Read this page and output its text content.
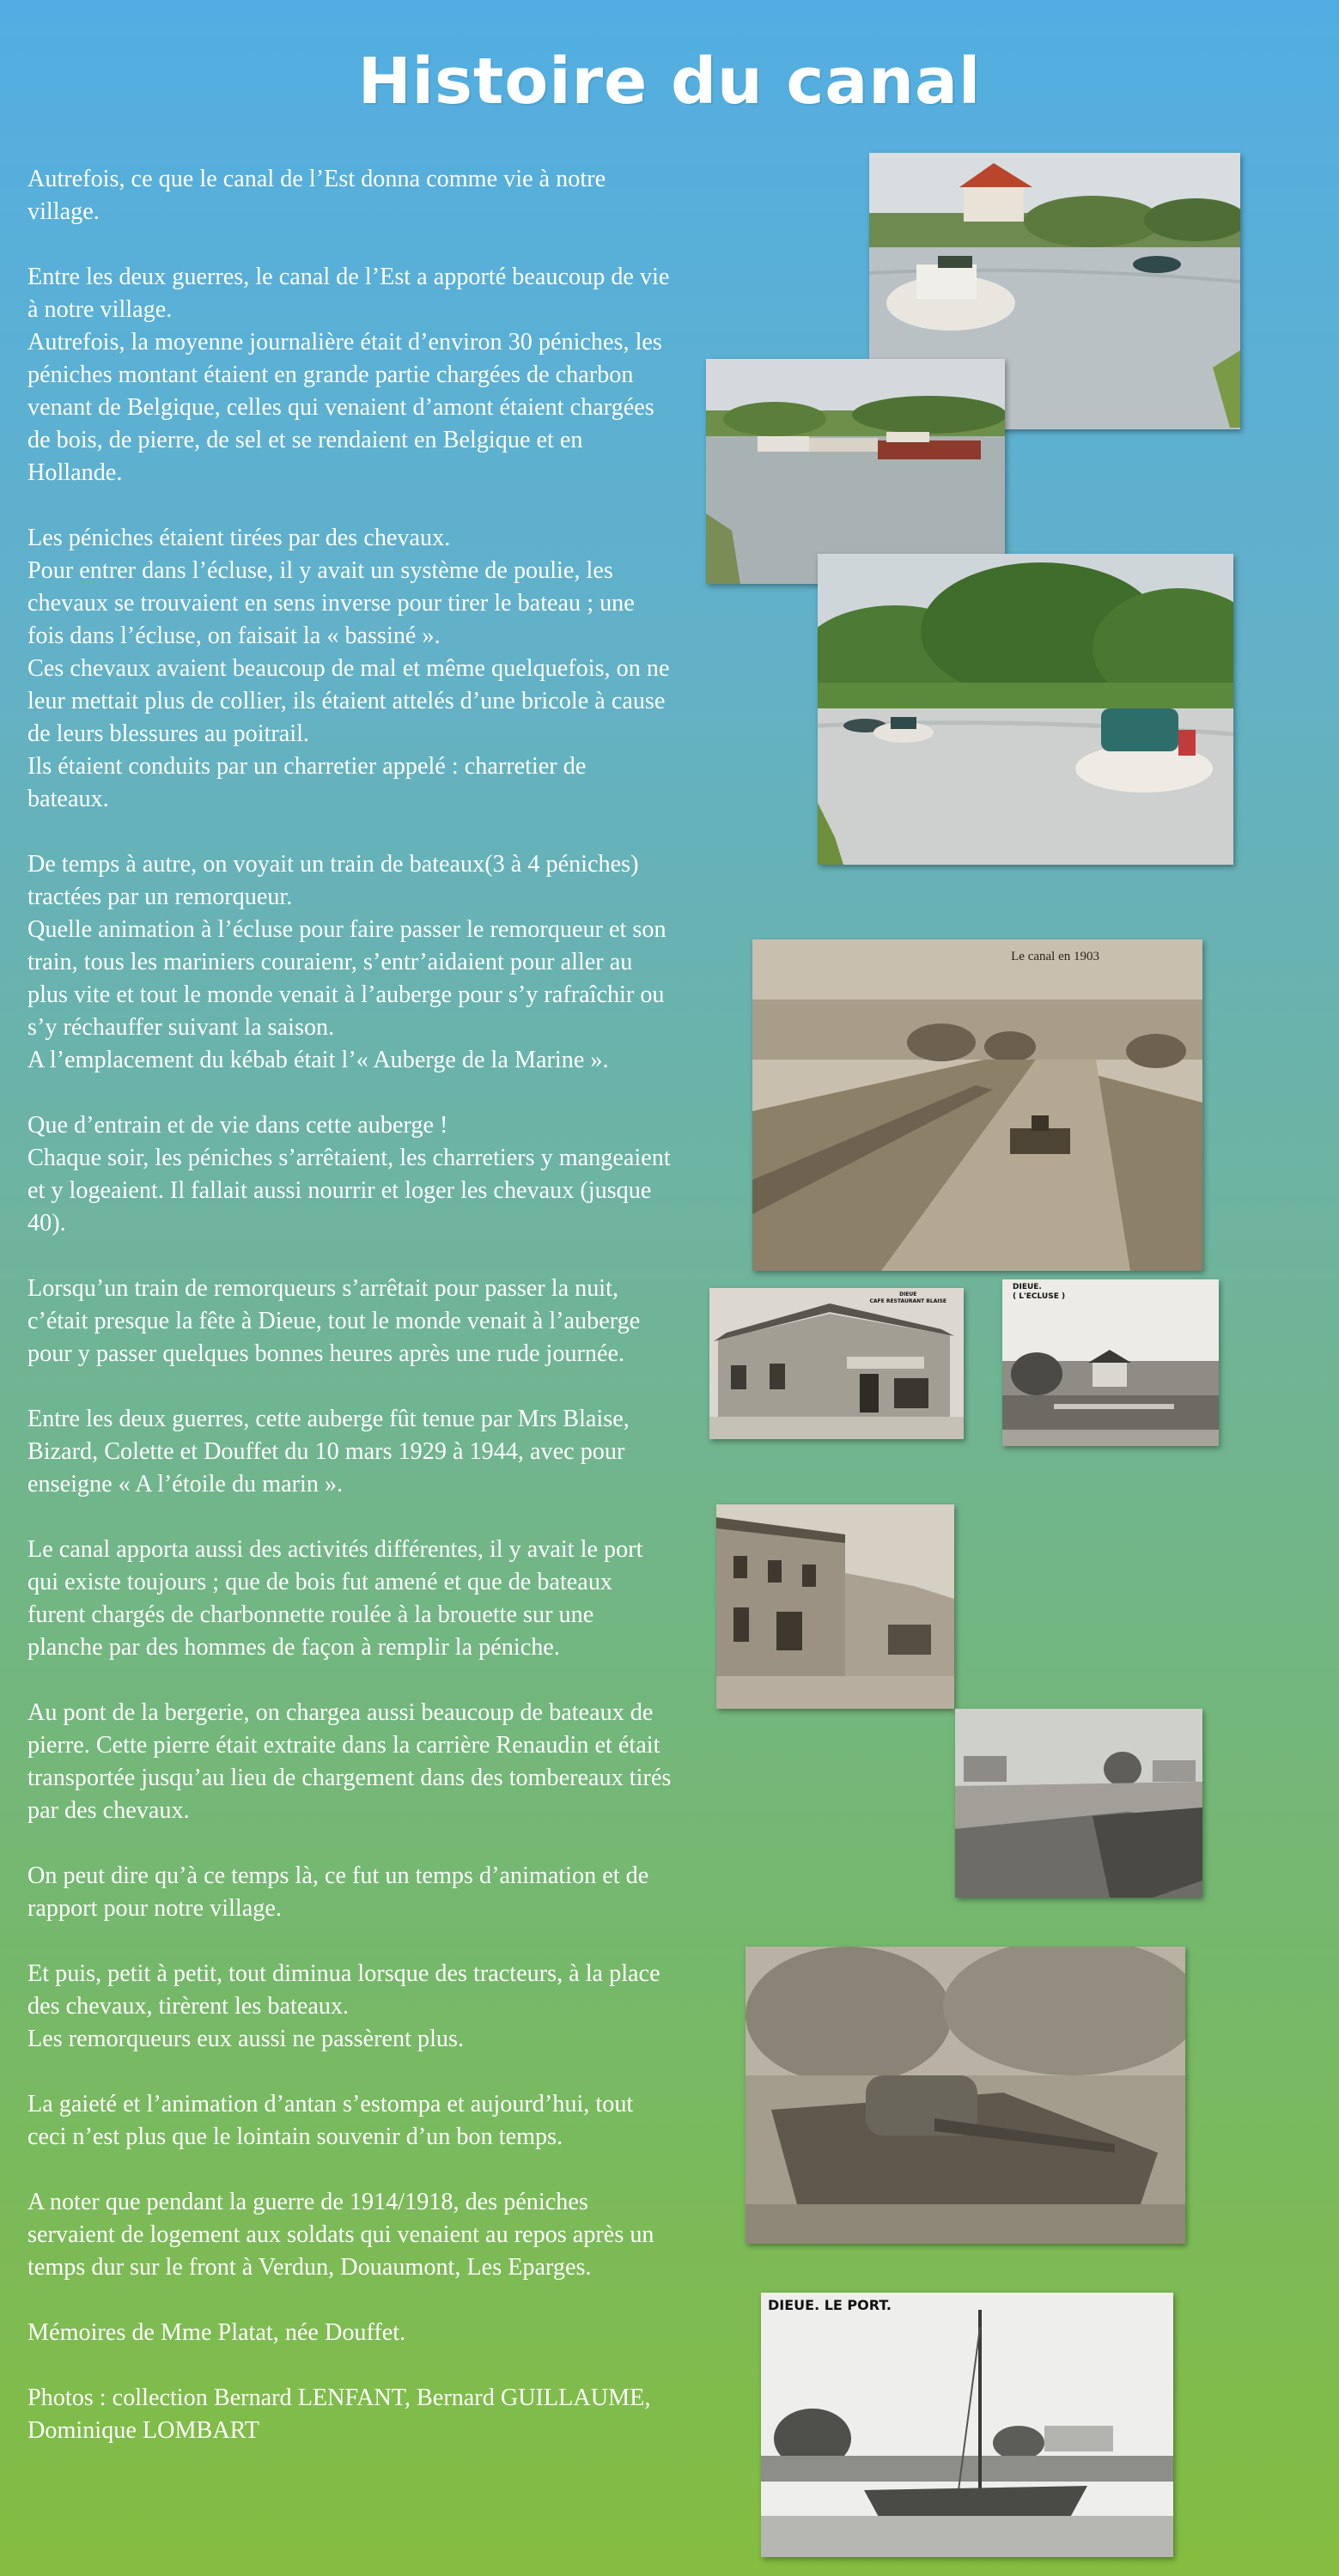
Histoire du canal

Autrefois, ce que le canal de l’Est donna comme vie à notre village.

Entre les deux guerres, le canal de l’Est a apporté beaucoup de vie à notre village.
Autrefois, la moyenne journalière était d’environ 30 péniches, les péniches montant étaient en grande partie chargées de charbon venant de Belgique, celles qui venaient d’amont étaient chargées de bois, de pierre, de sel et se rendaient en Belgique et en Hollande.

Les péniches étaient tirées par des chevaux.
Pour entrer dans l’écluse, il y avait un système de poulie, les chevaux se trouvaient en sens inverse pour tirer le bateau ; une fois dans l’écluse, on faisait la « bassiné ».
Ces chevaux avaient beaucoup de mal et même quelquefois, on ne leur mettait plus de collier, ils étaient attelés d’une bricole à cause de leurs blessures au poitrail.
Ils étaient conduits par un charretier appelé : charretier de bateaux.

De temps à autre, on voyait un train de bateaux(3 à 4 péniches) tractées par un remorqueur.
Quelle animation à l’écluse pour faire passer le remorqueur et son train, tous les mariniers couraienr, s’entr’aidaient pour aller au plus vite et tout le monde venait à l’auberge pour s’y rafraîchir ou s’y réchauffer suivant la saison.
A l’emplacement du kébab était l’« Auberge de la Marine ».

Que d’entrain et de vie dans cette auberge !
Chaque soir, les péniches s’arrêtaient, les charretiers y mangeaient et y logeaient. Il fallait aussi nourrir et loger les chevaux (jusque 40).

Lorsqu’un train de remorqueurs s’arrêtait pour passer la nuit, c’était presque la fête à Dieue, tout le monde venait à l’auberge pour y passer quelques bonnes heures après une rude journée.

Entre les deux guerres, cette auberge fût tenue par Mrs Blaise, Bizard, Colette et Douffet du 10 mars 1929 à 1944, avec pour enseigne « A l’étoile du marin ».

Le canal apporta aussi des activités différentes, il y avait le port qui existe toujours ; que de bois fut amené et que de bateaux furent chargés de charbonnette roulée à la brouette sur une planche par des hommes de façon à remplir la péniche.

Au pont de la bergerie, on chargea aussi beaucoup de bateaux de pierre. Cette pierre était extraite dans la carrière Renaudin et était transportée jusqu’au lieu de chargement dans des tombereaux tirés par des chevaux.

On peut dire qu’à ce temps là, ce fut un temps d’animation et de rapport pour notre village.

Et puis, petit à petit, tout diminua lorsque des tracteurs, à la place des chevaux, tirèrent les bateaux.
Les remorqueurs eux aussi ne passèrent plus.

La gaieté et l’animation d’antan s’estompa et aujourd’hui, tout ceci n’est plus que le lointain souvenir d’un bon temps.

A noter que pendant la guerre de 1914/1918, des péniches servaient de logement aux soldats qui venaient au repos après un temps dur sur le front à Verdun, Douaumont, Les Eparges.

Mémoires de Mme Platat, née Douffet.

Photos : collection Bernard LENFANT, Bernard GUILLAUME, Dominique LOMBART

Le canal en 1903
DIEUE
CAFE RESTAURANT BLAISE
DIEUE.
( L'ECLUSE )
DIEUE. LE PORT.
